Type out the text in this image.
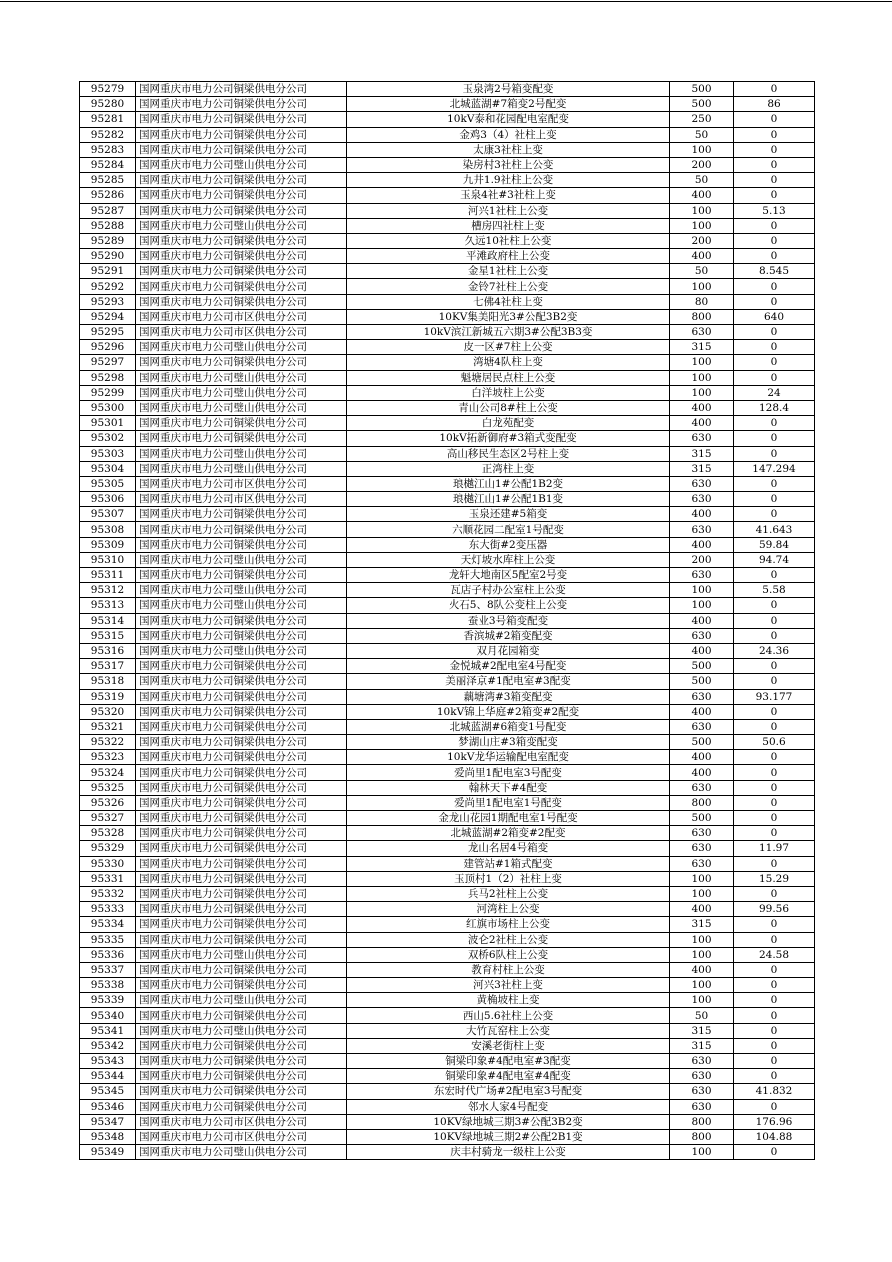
95279	国网重庆市电力公司铜梁供电分公司	玉泉湾2号箱变配变	500	0
95280	国网重庆市电力公司铜梁供电分公司	北城蓝湖#7箱变2号配变	500	86
95281	国网重庆市电力公司铜梁供电分公司	10kV泰和花园配电室配变	250	0
95282	国网重庆市电力公司铜梁供电分公司	金鸡3（4）社柱上变	50	0
95283	国网重庆市电力公司铜梁供电分公司	太康3社柱上变	100	0
95284	国网重庆市电力公司璧山供电分公司	染房村3社柱上公变	200	0
95285	国网重庆市电力公司铜梁供电分公司	九井1.9社柱上公变	50	0
95286	国网重庆市电力公司铜梁供电分公司	玉泉4社#3社柱上变	400	0
95287	国网重庆市电力公司铜梁供电分公司	河兴1社柱上公变	100	5.13
95288	国网重庆市电力公司璧山供电分公司	槽房四社柱上变	100	0
95289	国网重庆市电力公司铜梁供电分公司	久远10社柱上公变	200	0
95290	国网重庆市电力公司铜梁供电分公司	平滩政府柱上公变	400	0
95291	国网重庆市电力公司铜梁供电分公司	金星1社柱上公变	50	8.545
95292	国网重庆市电力公司铜梁供电分公司	金铃7社柱上公变	100	0
95293	国网重庆市电力公司铜梁供电分公司	七佛4社柱上变	80	0
95294	国网重庆市电力公司市区供电分公司	10KV集美阳光3#公配3B2变	800	640
95295	国网重庆市电力公司市区供电分公司	10kV滨江新城五六期3#公配3B3变	630	0
95296	国网重庆市电力公司璧山供电分公司	皮一区#7柱上公变	315	0
95297	国网重庆市电力公司铜梁供电分公司	湾塘4队柱上变	100	0
95298	国网重庆市电力公司璧山供电分公司	魁塘居民点柱上公变	100	0
95299	国网重庆市电力公司璧山供电分公司	白洋坡柱上公变	100	24
95300	国网重庆市电力公司璧山供电分公司	青山公司8#柱上公变	400	128.4
95301	国网重庆市电力公司铜梁供电分公司	白龙苑配变	400	0
95302	国网重庆市电力公司铜梁供电分公司	10kV拓新御府#3箱式变配变	630	0
95303	国网重庆市电力公司璧山供电分公司	高山移民生态区2号柱上变	315	0
95304	国网重庆市电力公司璧山供电分公司	正湾柱上变	315	147.294
95305	国网重庆市电力公司市区供电分公司	琅樾江山1#公配1B2变	630	0
95306	国网重庆市电力公司市区供电分公司	琅樾江山1#公配1B1变	630	0
95307	国网重庆市电力公司铜梁供电分公司	玉泉还建#5箱变	400	0
95308	国网重庆市电力公司铜梁供电分公司	六顺花园二配室1号配变	630	41.643
95309	国网重庆市电力公司铜梁供电分公司	东大街#2变压器	400	59.84
95310	国网重庆市电力公司璧山供电分公司	天灯坡水库柱上公变	200	94.74
95311	国网重庆市电力公司铜梁供电分公司	龙轩大地南区5配室2号变	630	0
95312	国网重庆市电力公司璧山供电分公司	瓦店子村办公室柱上公变	100	5.58
95313	国网重庆市电力公司璧山供电分公司	火石5、8队公变柱上公变	100	0
95314	国网重庆市电力公司铜梁供电分公司	蚕业3号箱变配变	400	0
95315	国网重庆市电力公司铜梁供电分公司	香滨城#2箱变配变	630	0
95316	国网重庆市电力公司璧山供电分公司	双月花园箱变	400	24.36
95317	国网重庆市电力公司铜梁供电分公司	金悦城#2配电室4号配变	500	0
95318	国网重庆市电力公司铜梁供电分公司	美丽泽京#1配电室#3配变	500	0
95319	国网重庆市电力公司铜梁供电分公司	藕塘湾#3箱变配变	630	93.177
95320	国网重庆市电力公司铜梁供电分公司	10kV锦上华庭#2箱变#2配变	400	0
95321	国网重庆市电力公司铜梁供电分公司	北城蓝湖#6箱变1号配变	630	0
95322	国网重庆市电力公司铜梁供电分公司	梦湖山庄#3箱变配变	500	50.6
95323	国网重庆市电力公司铜梁供电分公司	10kV龙华运输配电室配变	400	0
95324	国网重庆市电力公司铜梁供电分公司	爱尚里1配电室3号配变	400	0
95325	国网重庆市电力公司铜梁供电分公司	翰林天下#4配变	630	0
95326	国网重庆市电力公司铜梁供电分公司	爱尚里1配电室1号配变	800	0
95327	国网重庆市电力公司铜梁供电分公司	金龙山花园1期配电室1号配变	500	0
95328	国网重庆市电力公司铜梁供电分公司	北城蓝湖#2箱变#2配变	630	0
95329	国网重庆市电力公司铜梁供电分公司	龙山名居4号箱变	630	11.97
95330	国网重庆市电力公司铜梁供电分公司	建管站#1箱式配变	630	0
95331	国网重庆市电力公司铜梁供电分公司	玉顶村1（2）社柱上变	100	15.29
95332	国网重庆市电力公司铜梁供电分公司	兵马2社柱上公变	100	0
95333	国网重庆市电力公司铜梁供电分公司	河湾柱上公变	400	99.56
95334	国网重庆市电力公司铜梁供电分公司	红旗市场柱上公变	315	0
95335	国网重庆市电力公司铜梁供电分公司	波仑2社柱上公变	100	0
95336	国网重庆市电力公司璧山供电分公司	双桥6队柱上公变	100	24.58
95337	国网重庆市电力公司铜梁供电分公司	教育村柱上公变	400	0
95338	国网重庆市电力公司铜梁供电分公司	河兴3社柱上变	100	0
95339	国网重庆市电力公司璧山供电分公司	黄桷坡柱上变	100	0
95340	国网重庆市电力公司铜梁供电分公司	西山5.6社柱上公变	50	0
95341	国网重庆市电力公司璧山供电分公司	大竹瓦窑柱上公变	315	0
95342	国网重庆市电力公司铜梁供电分公司	安溪老街柱上变	315	0
95343	国网重庆市电力公司铜梁供电分公司	铜梁印象#4配电室#3配变	630	0
95344	国网重庆市电力公司铜梁供电分公司	铜梁印象#4配电室#4配变	630	0
95345	国网重庆市电力公司铜梁供电分公司	东宏时代广场#2配电室3号配变	630	41.832
95346	国网重庆市电力公司铜梁供电分公司	邻水人家4号配变	630	0
95347	国网重庆市电力公司市区供电分公司	10KV绿地城三期3#公配3B2变	800	176.96
95348	国网重庆市电力公司市区供电分公司	10KV绿地城三期2#公配2B1变	800	104.88
95349	国网重庆市电力公司璧山供电分公司	庆丰村骑龙一级柱上公变	100	0
